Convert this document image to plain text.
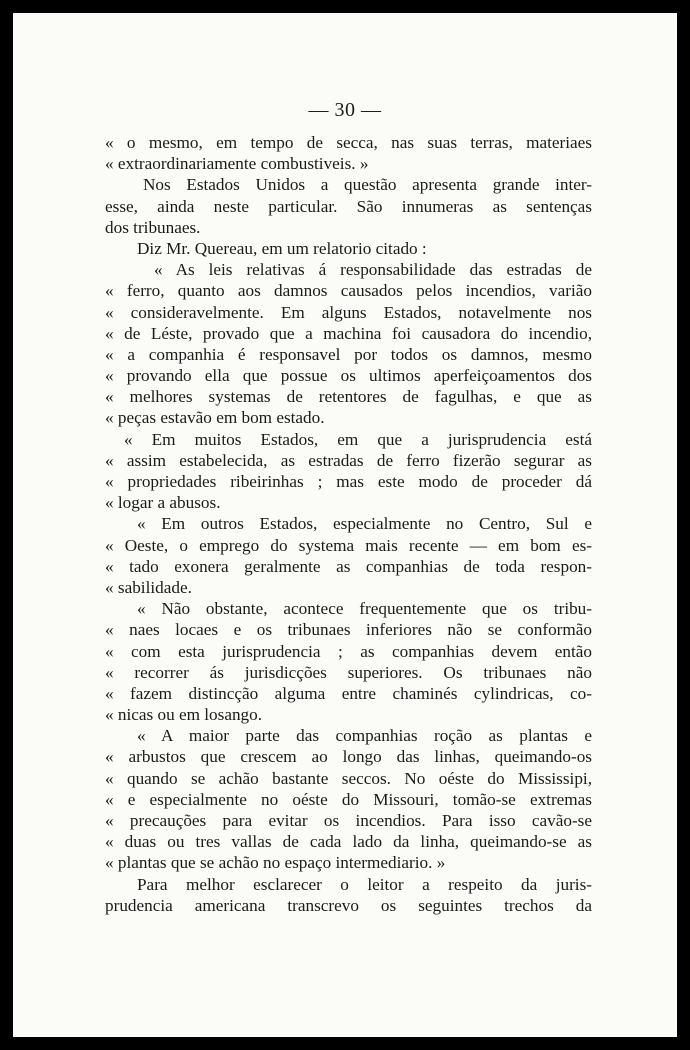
— 30 —
« o mesmo, em tempo de secca, nas suas terras, materiaes
« extraordinariamente combustiveis. »
Nos Estados Unidos a questão apresenta grande inter-
esse, ainda neste particular. São innumeras as sentenças
dos tribunaes.
Diz Mr. Quereau, em um relatorio citado :
« As leis relativas á responsabilidade das estradas de
« ferro, quanto aos damnos causados pelos incendios, varião
« consideravelmente. Em alguns Estados, notavelmente nos
« de Léste, provado que a machina foi causadora do incendio,
« a companhia é responsavel por todos os damnos, mesmo
« provando ella que possue os ultimos aperfeiçoamentos dos
« melhores systemas de retentores de fagulhas, e que as
« peças estavão em bom estado.
« Em muitos Estados, em que a jurisprudencia está
« assim estabelecida, as estradas de ferro fizerão segurar as
« propriedades ribeirinhas ; mas este modo de proceder dá
« logar a abusos.
« Em outros Estados, especialmente no Centro, Sul e
« Oeste, o emprego do systema mais recente — em bom es-
« tado exonera geralmente as companhias de toda respon-
« sabilidade.
« Não obstante, acontece frequentemente que os tribu-
« naes locaes e os tribunaes inferiores não se conformão
« com esta jurisprudencia ; as companhias devem então
« recorrer ás jurisdicções superiores. Os tribunaes não
« fazem distincção alguma entre chaminés cylindricas, co-
« nicas ou em losango.
« A maior parte das companhias roção as plantas e
« arbustos que crescem ao longo das linhas, queimando-os
« quando se achão bastante seccos. No oéste do Mississipi,
« e especialmente no oéste do Missouri, tomão-se extremas
« precauções para evitar os incendios. Para isso cavão-se
« duas ou tres vallas de cada lado da linha, queimando-se as
« plantas que se achão no espaço intermediario. »
Para melhor esclarecer o leitor a respeito da juris-
prudencia americana transcrevo os seguintes trechos da
